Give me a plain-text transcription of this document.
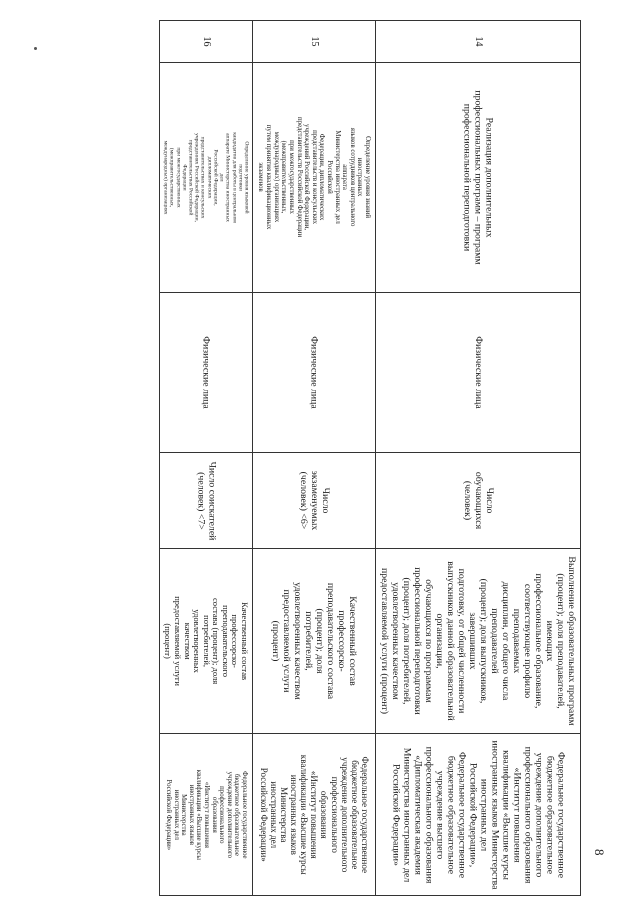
14
Реализация дополнительных
профессиональных программ – программ
профессиональной переподготовки
Физические лица
Число
обучающихся
(человек)
Выполнение образовательных программ
(процент); доля преподавателей, имеющих
профессиональное образование,
соответствующее профилю преподаваемых
дисциплин, от общего числа преподавателей
(процент); доля выпускников, завершивших
подготовку, от общей численности
выпускников данной образовательной организации,
обучающихся по программам
профессиональной переподготовки
(процент); доля потребителей,
удовлетворенных качеством
предоставляемой услуги (процент)
Федеральное государственное
бюджетное образовательное
учреждение дополнительного
профессионального образования
«Институт повышения
квалификации «Высшие курсы
иностранных языков Министерства
иностранных дел
Российской Федерации»,
Федеральное государственное
бюджетное образовательное
учреждение высшего
профессионального образования
«Дипломатическая академия
Министерства иностранных дел
Российской Федерации»
15
Определение уровня знаний иностранных
языков сотрудников центрального аппарата
Министерства иностранных дел Российской
Федерации, дипломатических
представительств и консульских
учреждений Российской Федерации,
представительств Российской Федерации
при межгосударственных (межправительственных,
международных) организациях
путем принятия квалификационных
экзаменов
Физические лица
Число
экзаменуемых
(человек) <6>
Качественный состав профессорско-
преподавательского состава (процент); доля
потребителей, удовлетворенных качеством
предоставляемой услуги
(процент)
Федеральное государственное
бюджетное образовательное
учреждение дополнительного
профессионального образования
«Институт повышения
квалификации «Высшие курсы
иностранных языков Министерства
иностранных дел
Российской Федерации»
16
Определение уровня языковой подготовки
кандидатов для работы в центральном
аппарате Министерства иностранных дел
Российской Федерации, дипломатических
представительствах и консульских
учреждениях Российской Федерации,
представительствах Российской Федерации
при межгосударственных (межправительственных,
международных) организациях
Физические лица
Число соискателей
(человек) <7>
Качественный состав профессорско-
преподавательского состава (процент); доля
потребителей, удовлетворенных качеством
предоставляемой услуги (процент)
Федеральное государственное
бюджетное образовательное
учреждение дополнительного
профессионального образования
«Институт повышения
квалификации «Высшие курсы
иностранных языков Министерства
иностранных дел
Российской Федерации»
8
